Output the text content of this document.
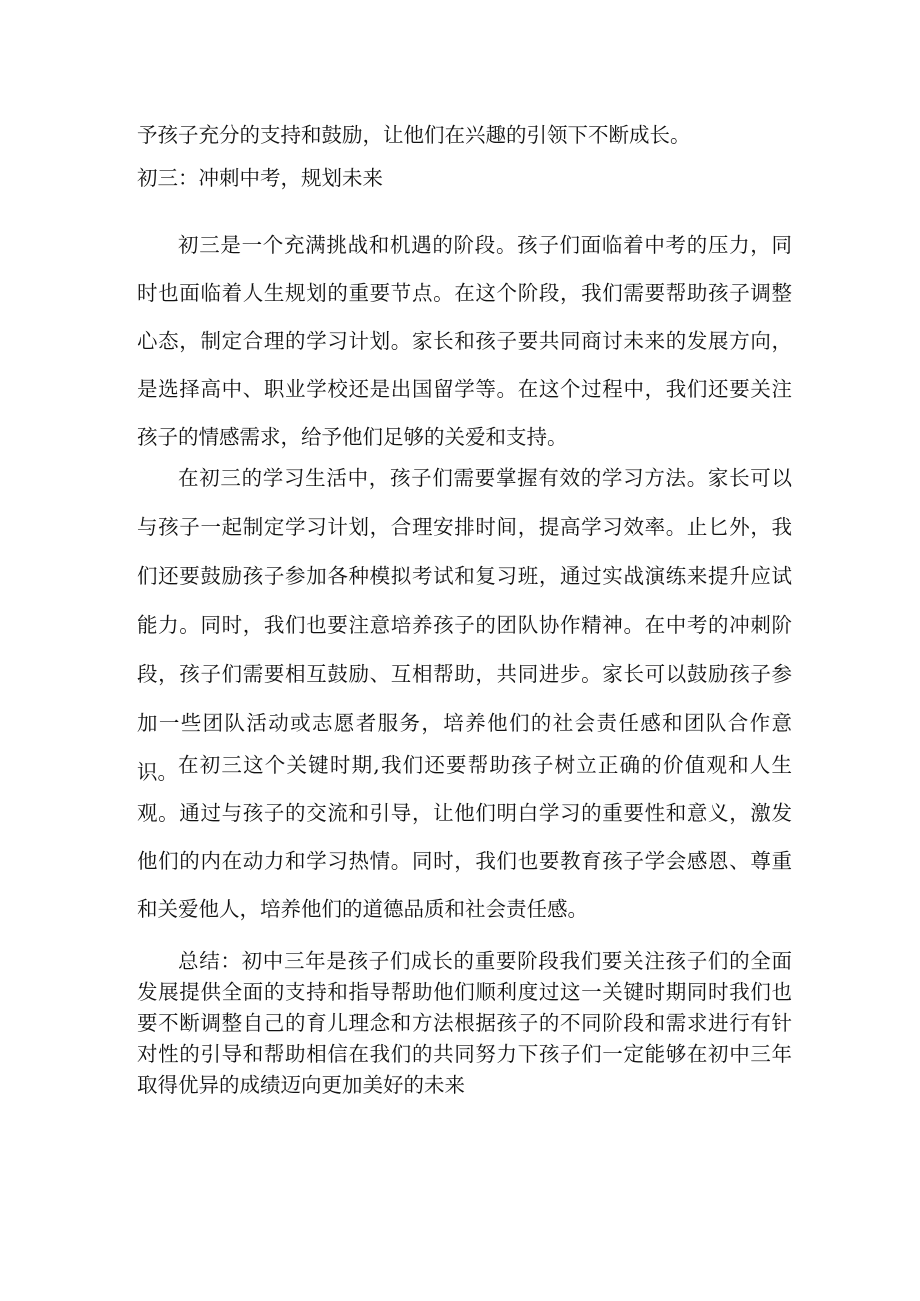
予孩子充分的支持和鼓励，让他们在兴趣的引领下不断成长。

初三：冲刺中考，规划未来

初三是一个充满挑战和机遇的阶段。孩子们面临着中考的压力，同时也面临着人生规划的重要节点。在这个阶段，我们需要帮助孩子调整心态，制定合理的学习计划。家长和孩子要共同商讨未来的发展方向，是选择高中、职业学校还是出国留学等。在这个过程中，我们还要关注孩子的情感需求，给予他们足够的关爱和支持。

在初三的学习生活中，孩子们需要掌握有效的学习方法。家长可以与孩子一起制定学习计划，合理安排时间，提高学习效率。止匕外，我们还要鼓励孩子参加各种模拟考试和复习班，通过实战演练来提升应试能力。同时，我们也要注意培养孩子的团队协作精神。在中考的冲刺阶段，孩子们需要相互鼓励、互相帮助，共同进步。家长可以鼓励孩子参加一些团队活动或志愿者服务，培养他们的社会责任感和团队合作意识。 在初三这个关键时期,我们还要帮助孩子树立正确的价值观和人生观。通过与孩子的交流和引导，让他们明白学习的重要性和意义，激发他们的内在动力和学习热情。同时，我们也要教育孩子学会感恩、尊重和关爱他人，培养他们的道德品质和社会责任感。

总结：初中三年是孩子们成长的重要阶段我们要关注孩子们的全面发展提供全面的支持和指导帮助他们顺利度过这一关键时期同时我们也要不断调整自己的育儿理念和方法根据孩子的不同阶段和需求进行有针对性的引导和帮助相信在我们的共同努力下孩子们一定能够在初中三年取得优异的成绩迈向更加美好的未来
